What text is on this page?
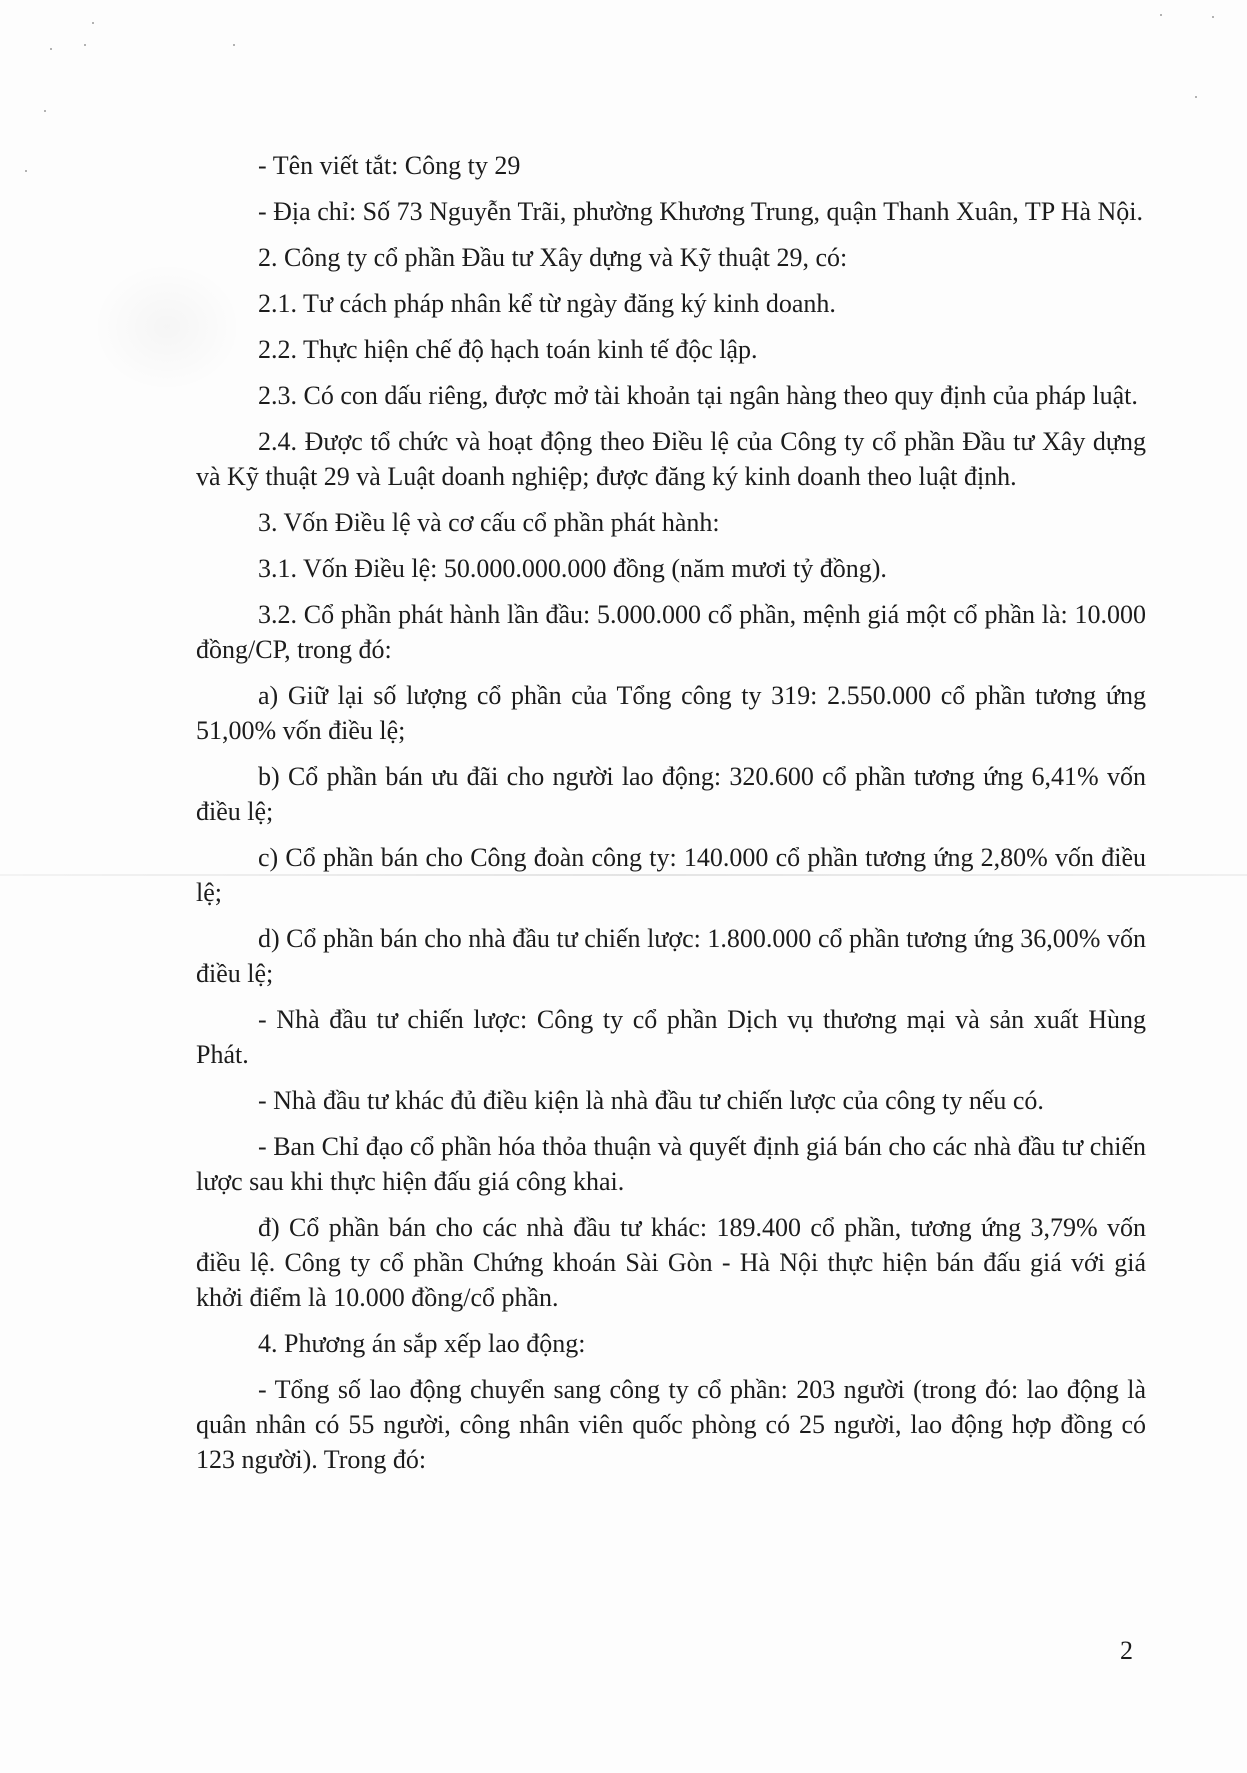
- Tên viết tắt: Công ty 29

- Địa chỉ: Số 73 Nguyễn Trãi, phường Khương Trung, quận Thanh Xuân, TP Hà Nội.

2. Công ty cổ phần Đầu tư Xây dựng và Kỹ thuật 29, có:

2.1. Tư cách pháp nhân kể từ ngày đăng ký kinh doanh.

2.2. Thực hiện chế độ hạch toán kinh tế độc lập.

2.3. Có con dấu riêng, được mở tài khoản tại ngân hàng theo quy định của pháp luật.

2.4. Được tổ chức và hoạt động theo Điều lệ của Công ty cổ phần Đầu tư Xây dựng và Kỹ thuật 29 và Luật doanh nghiệp; được đăng ký kinh doanh theo luật định.

3. Vốn Điều lệ và cơ cấu cổ phần phát hành:

3.1. Vốn Điều lệ: 50.000.000.000 đồng (năm mươi tỷ đồng).

3.2. Cổ phần phát hành lần đầu: 5.000.000 cổ phần, mệnh giá một cổ phần là: 10.000 đồng/CP, trong đó:

a) Giữ lại số lượng cổ phần của Tổng công ty 319: 2.550.000 cổ phần tương ứng 51,00% vốn điều lệ;

b) Cổ phần bán ưu đãi cho người lao động: 320.600 cổ phần tương ứng 6,41% vốn điều lệ;

c) Cổ phần bán cho Công đoàn công ty: 140.000 cổ phần tương ứng 2,80% vốn điều lệ;

d) Cổ phần bán cho nhà đầu tư chiến lược: 1.800.000 cổ phần tương ứng 36,00% vốn điều lệ;

- Nhà đầu tư chiến lược: Công ty cổ phần Dịch vụ thương mại và sản xuất Hùng Phát.

- Nhà đầu tư khác đủ điều kiện là nhà đầu tư chiến lược của công ty nếu có.

- Ban Chỉ đạo cổ phần hóa thỏa thuận và quyết định giá bán cho các nhà đầu tư chiến lược sau khi thực hiện đấu giá công khai.

đ) Cổ phần bán cho các nhà đầu tư khác: 189.400 cổ phần, tương ứng 3,79% vốn điều lệ. Công ty cổ phần Chứng khoán Sài Gòn - Hà Nội thực hiện bán đấu giá với giá khởi điểm là 10.000 đồng/cổ phần.

4. Phương án sắp xếp lao động:

- Tổng số lao động chuyển sang công ty cổ phần: 203 người (trong đó: lao động là quân nhân có 55 người, công nhân viên quốc phòng có 25 người, lao động hợp đồng có 123 người). Trong đó:

2
